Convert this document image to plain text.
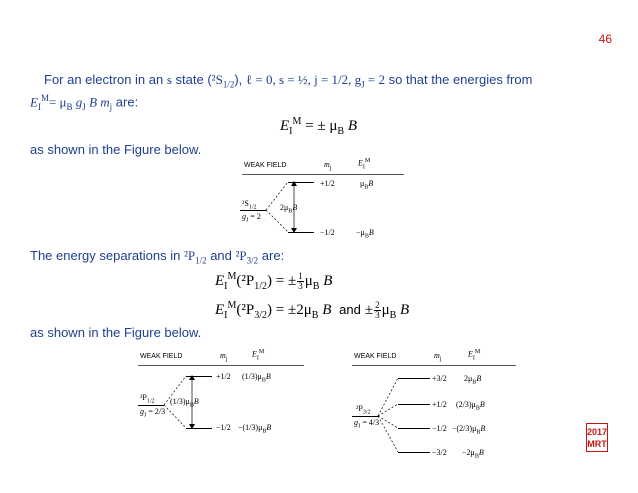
46
For an electron in an s state $(^2S_{1/2})$, ℓ = 0, s = ½, j = 1/2, $g_J = 2$ so that the energies from
$E_I^M= \mu_B$ $g_J$ B $m_j$ are:
$E_I^M$ = ± $\mu_B$ B
as shown in the Figure below.
WEAK FIELD	$m_j$
$E_I^M$
$^2S_{1/2}$
$g_J = 2$
$2\mu_BB$
+1/2	$\mu_BB$
−1/2	$-\mu_BB$
The energy separations in $^2P_{1/2}$ and $^2P_{3/2}$ are:
$E_I^M(^2P_{1/2})$ = ± $\frac{1}{3} \mu_B$ B
$E_I^M(^2P_{3/2}) = \pm 2\mu_B$ B and ± $\frac{2}{3} \mu_B$ B
as shown in the Figure below.
WEAK FIELD	$m_j$
$E_I^M$
$^2P_{1/2}$
$g_J = 2/3$
$(1/3)\mu_BB$
+1/2 $(1/3)\mu_BB$
$-1/2 -(1/3)\mu_BB$
WEAK FIELD	$m_j$
$E_I^M$
$^2P_{3/2}$
$g_J = 4/3$
+3/2 $2\mu_BB$
+1/2 $(2/3)\mu_BB$
$-1/2 -(2/3)\mu_BB$
$-3/2 -2\mu_BB$
2017
MRT
